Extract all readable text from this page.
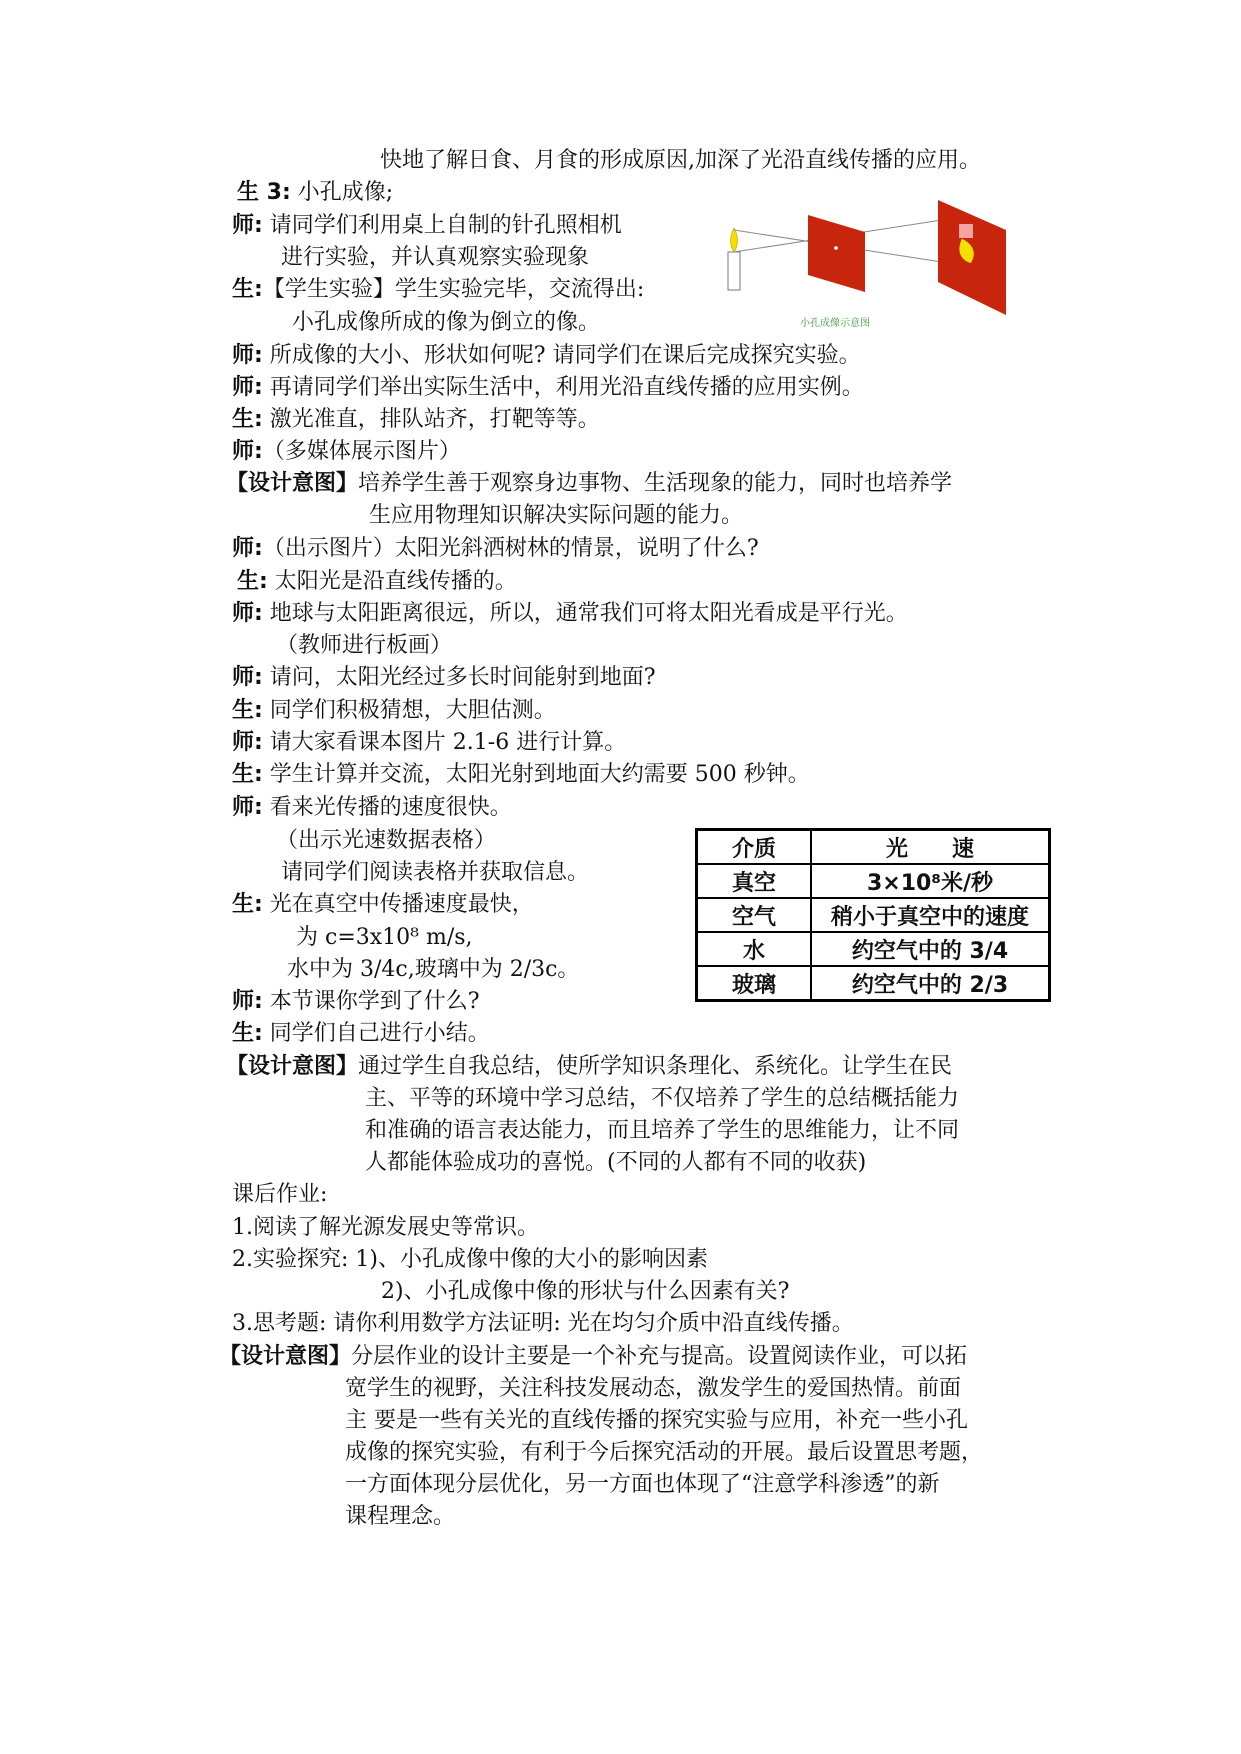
快地了解日食、月食的形成原因,加深了光沿直线传播的应用。
生 3: 小孔成像;
师: 请同学们利用桌上自制的针孔照相机
进行实验，并认真观察实验现象
生:【学生实验】学生实验完毕，交流得出:
小孔成像所成的像为倒立的像。
师: 所成像的大小、形状如何呢? 请同学们在课后完成探究实验。
师: 再请同学们举出实际生活中，利用光沿直线传播的应用实例。
生: 激光准直，排队站齐，打靶等等。
师:（多媒体展示图片）
【设计意图】培养学生善于观察身边事物、生活现象的能力，同时也培养学
生应用物理知识解决实际问题的能力。
师:（出示图片）太阳光斜洒树林的情景，说明了什么?
生: 太阳光是沿直线传播的。
师: 地球与太阳距离很远，所以，通常我们可将太阳光看成是平行光。
（教师进行板画）
师: 请问，太阳光经过多长时间能射到地面?
生: 同学们积极猜想，大胆估测。
师: 请大家看课本图片 2.1-6 进行计算。
生: 学生计算并交流，太阳光射到地面大约需要 500 秒钟。
师: 看来光传播的速度很快。
（出示光速数据表格）
请同学们阅读表格并获取信息。
生: 光在真空中传播速度最快，
为 c=3x10⁸ m/s,
水中为 3/4c,玻璃中为 2/3c。
师: 本节课你学到了什么?
生: 同学们自己进行小结。
【设计意图】通过学生自我总结，使所学知识条理化、系统化。让学生在民
主、平等的环境中学习总结，不仅培养了学生的总结概括能力
和准确的语言表达能力，而且培养了学生的思维能力，让不同
人都能体验成功的喜悦。(不同的人都有不同的收获)
课后作业:
1.阅读了解光源发展史等常识。
2.实验探究: 1)、小孔成像中像的大小的影响因素
2)、小孔成像中像的形状与什么因素有关?
3.思考题: 请你利用数学方法证明: 光在均匀介质中沿直线传播。
【设计意图】分层作业的设计主要是一个补充与提高。设置阅读作业，可以拓
宽学生的视野，关注科技发展动态，激发学生的爱国热情。前面
主 要是一些有关光的直线传播的探究实验与应用，补充一些小孔
成像的探究实验，有利于今后探究活动的开展。最后设置思考题，
一方面体现分层优化，另一方面也体现了“注意学科渗透”的新
课程理念。
小孔成像示意图
介质	光　　速
真空	3×10⁸米/秒
空气	稍小于真空中的速度
水	约空气中的 3/4
玻璃	约空气中的 2/3
